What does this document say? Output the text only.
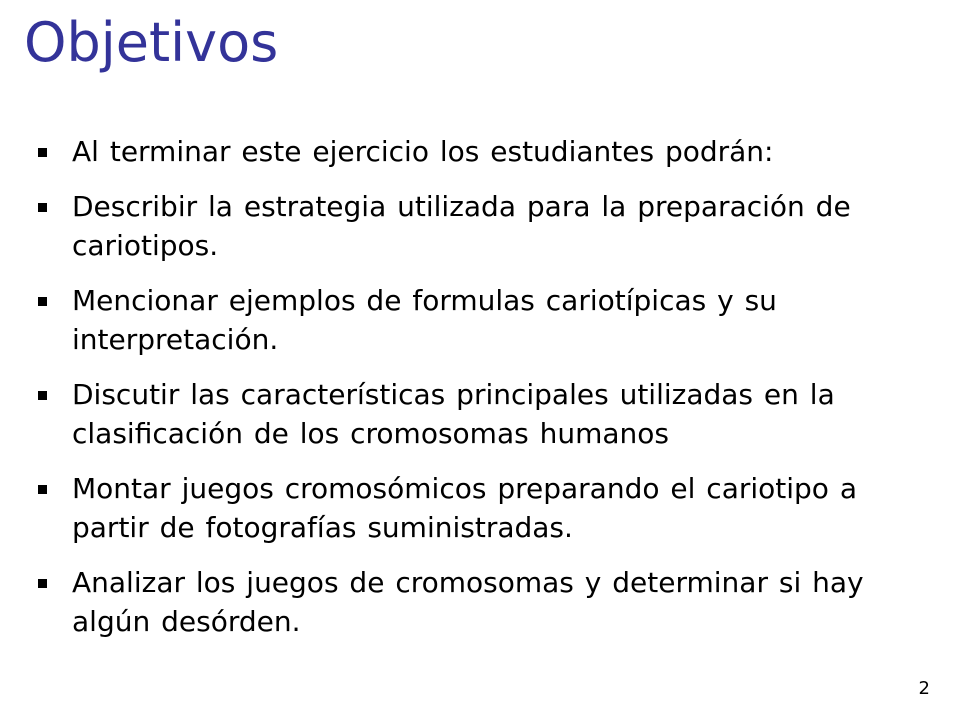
Objetivos
Al terminar este ejercicio los estudiantes podrán:
Describir la estrategia utilizada para la preparación de cariotipos.
Mencionar ejemplos de formulas cariotípicas y su interpretación.
Discutir las características principales utilizadas en la clasificación de los cromosomas humanos
Montar juegos cromosómicos preparando el cariotipo a partir de fotografías suministradas.
Analizar los juegos de cromosomas y determinar si hay algún desórden.
2
